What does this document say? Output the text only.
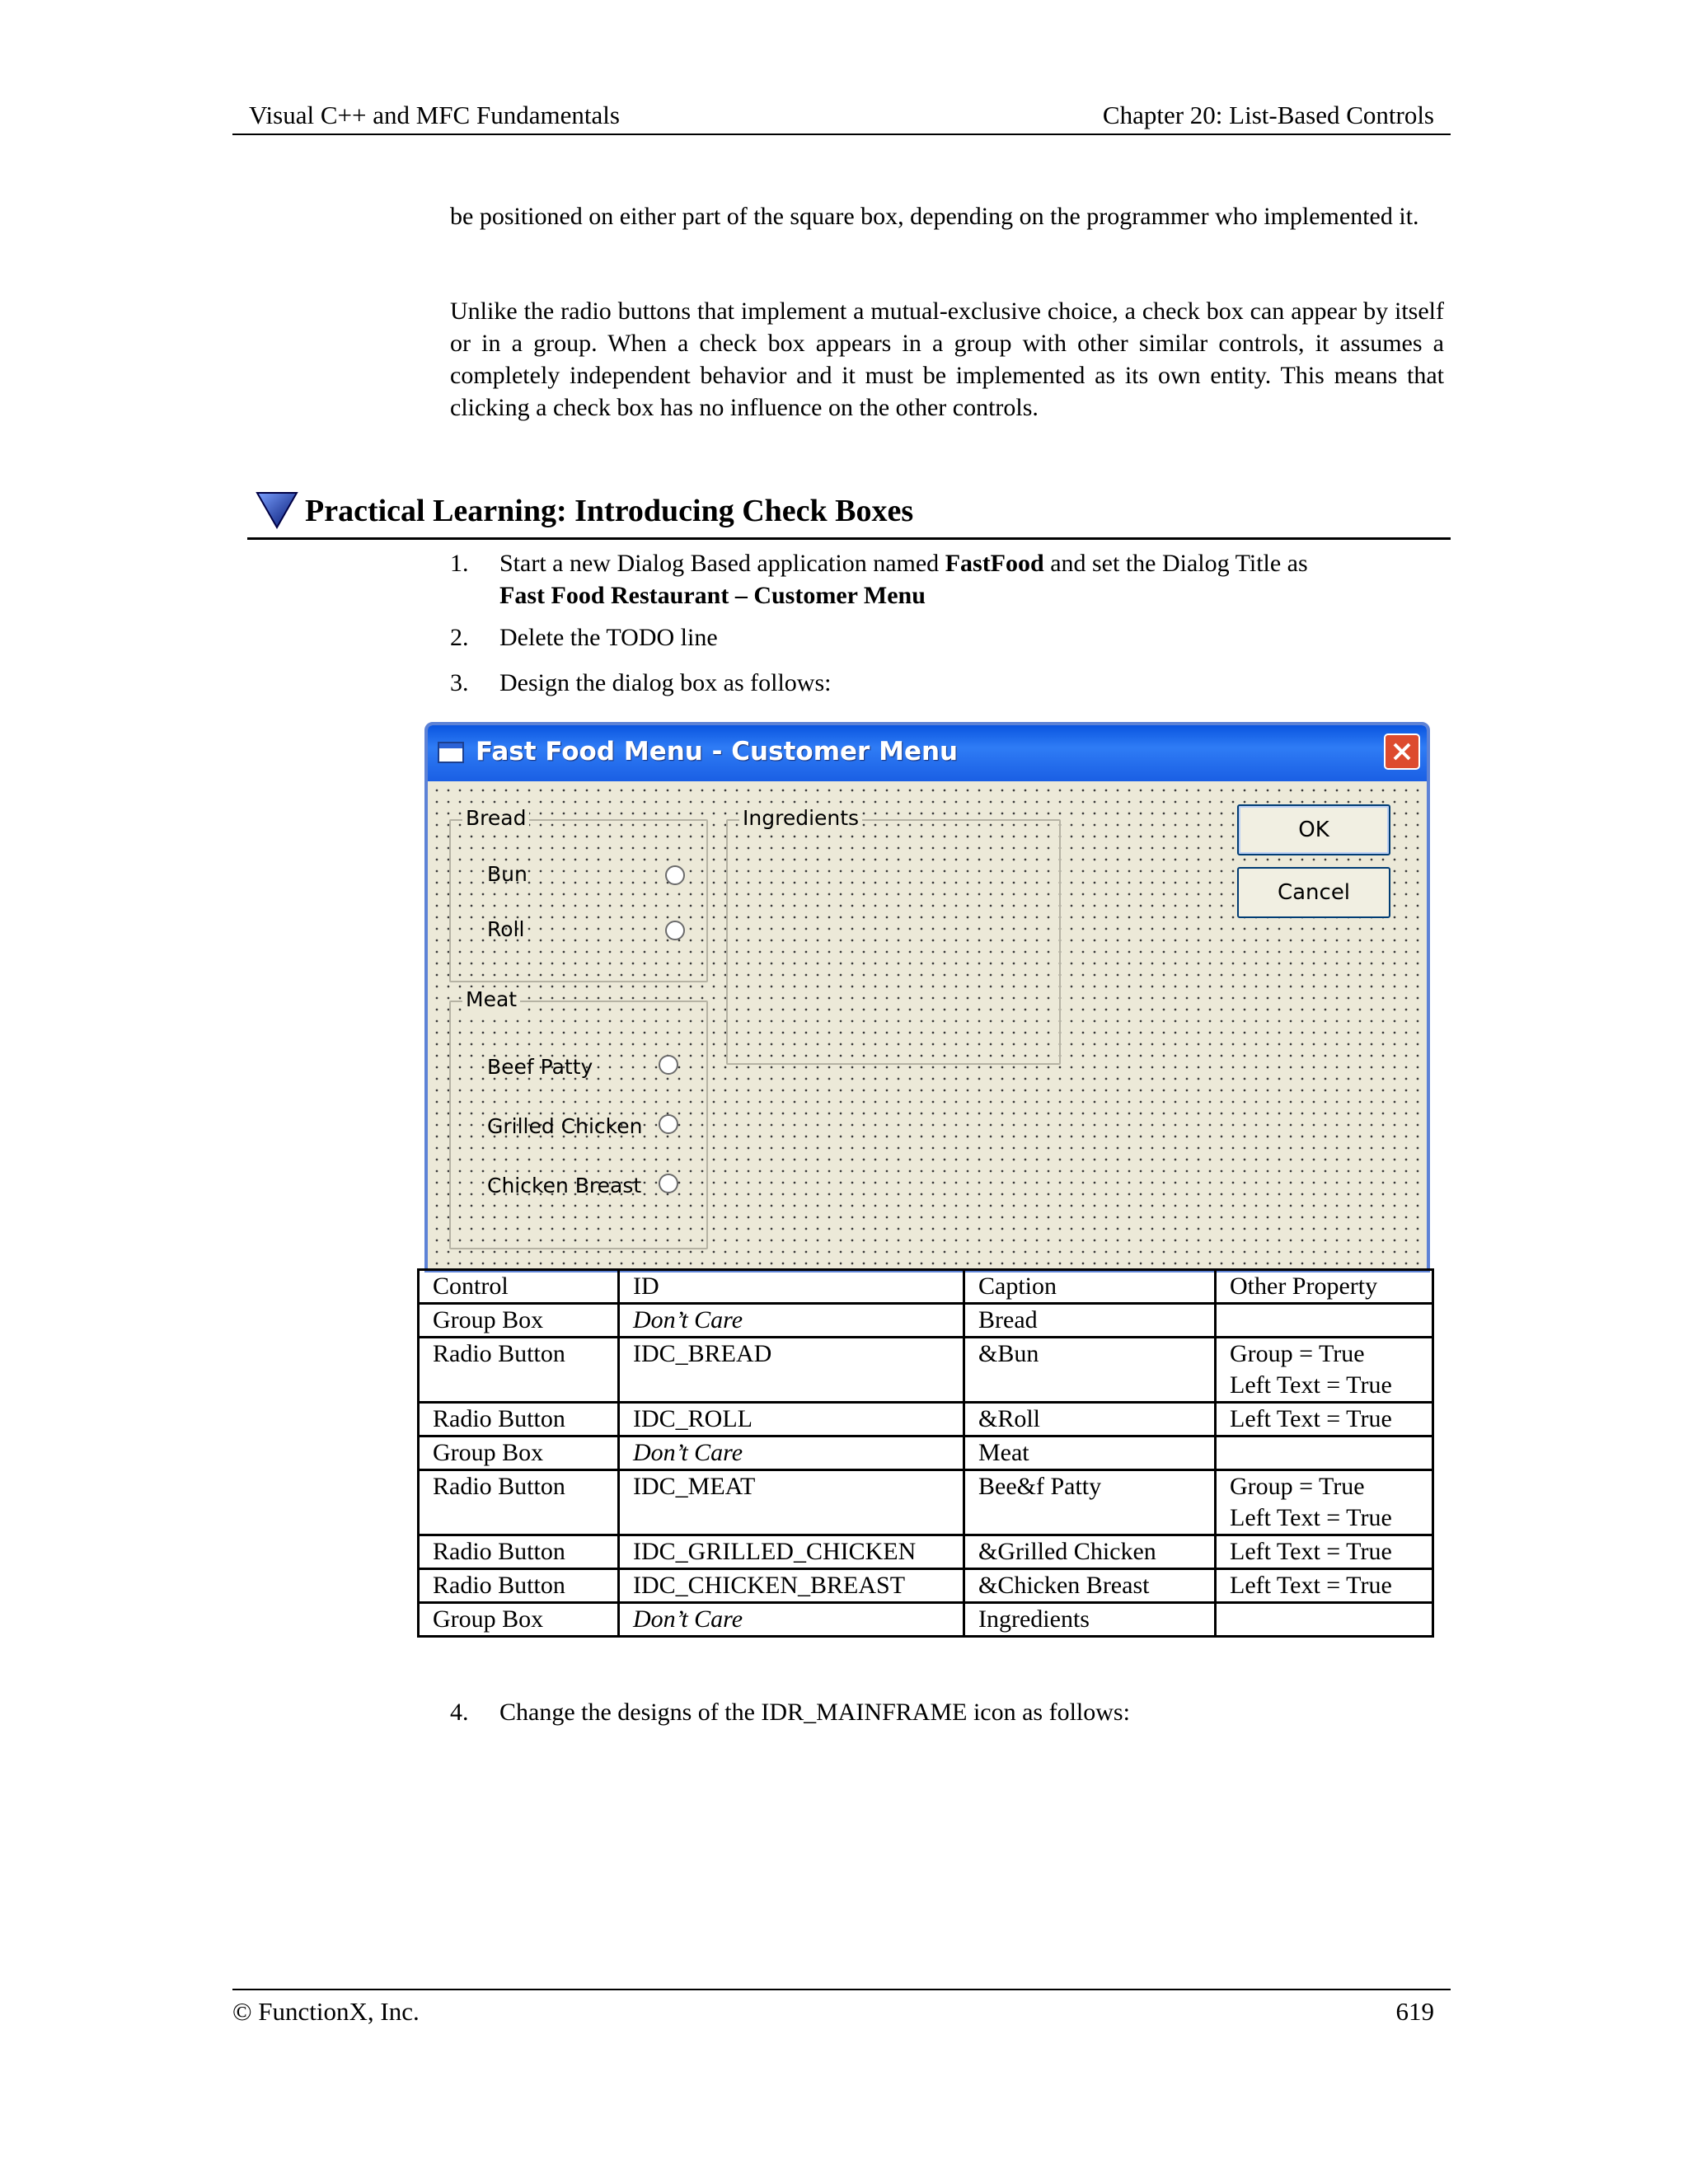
Visual C++ and MFC Fundamentals	Chapter 20: List-Based Controls

be positioned on either part of the square box, depending on the programmer who implemented it.

Unlike the radio buttons that implement a mutual-exclusive choice, a check box can appear by itself or in a group. When a check box appears in a group with other similar controls, it assumes a completely independent behavior and it must be implemented as its own entity. This means that clicking a check box has no influence on the other controls.

Practical Learning: Introducing Check Boxes
1. Start a new Dialog Based application named FastFood and set the Dialog Title as
Fast Food Restaurant – Customer Menu
2. Delete the TODO line
3. Design the dialog box as follows:
Fast Food Menu - Customer Menu
Bread
Bun
Roll
Meat
Beef Patty
Grilled Chicken
Chicken Breast
Ingredients	OK
Cancel
Control	ID	Caption	Other Property
Group Box	Don’t Care	Bread	
Radio Button	IDC_BREAD	&Bun	Group = True
Left Text = True
Radio Button	IDC_ROLL	&Roll	Left Text = True
Group Box	Don’t Care	Meat	
Radio Button	IDC_MEAT	Bee&f Patty	Group = True
Left Text = True
Radio Button	IDC_GRILLED_CHICKEN	&Grilled Chicken	Left Text = True
Radio Button	IDC_CHICKEN_BREAST	&Chicken Breast	Left Text = True
Group Box	Don’t Care	Ingredients	
4. Change the designs of the IDR_MAINFRAME icon as follows:
© FunctionX, Inc.	619
